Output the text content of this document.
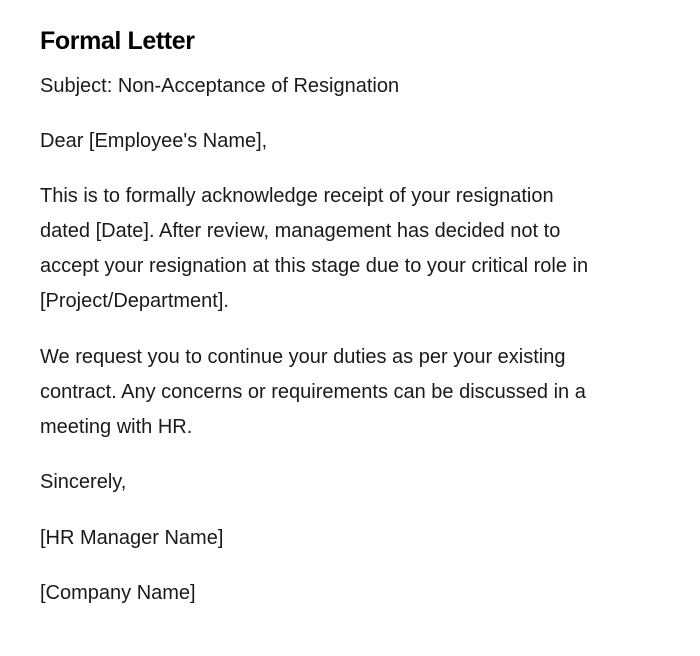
Formal Letter

Subject: Non-Acceptance of Resignation

Dear [Employee's Name],

This is to formally acknowledge receipt of your resignation
dated [Date]. After review, management has decided not to
accept your resignation at this stage due to your critical role in
[Project/Department].

We request you to continue your duties as per your existing
contract. Any concerns or requirements can be discussed in a
meeting with HR.

Sincerely,

[HR Manager Name]

[Company Name]
